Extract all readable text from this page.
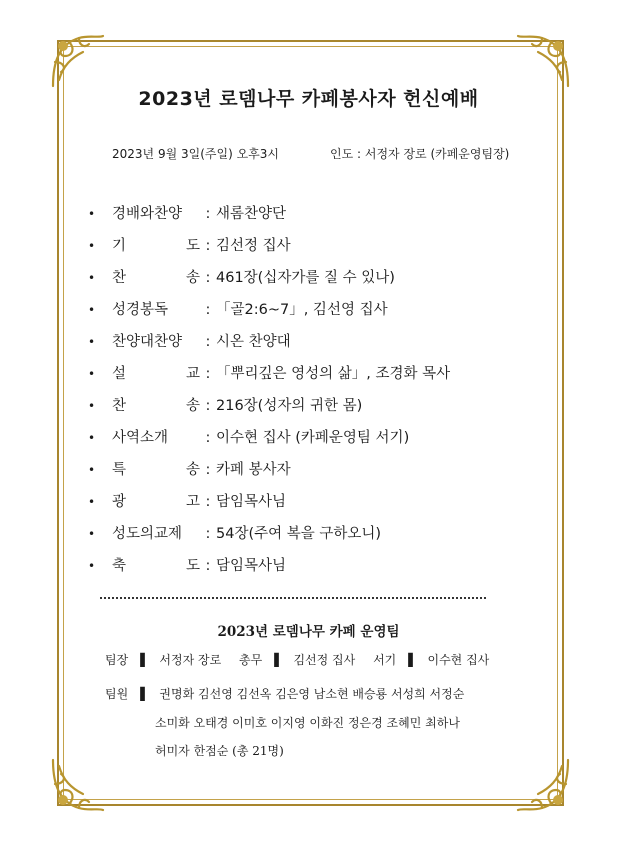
2023년 로뎀나무 카페봉사자 헌신예배
2023년 9월 3일(주일) 오후3시	인도 : 서정자 장로 (카페운영팀장)
•	경배와찬양	: 새롬찬양단
•	기	도 : 김선정 집사
•	찬	송 : 461장(십자가를 질 수 있나)
•	성경봉독	: 「골2:6~7」, 김선영 집사
•	찬양대찬양	: 시온 찬양대
•	설	교 : 「뿌리깊은 영성의 삶」, 조경화 목사
•	찬	송 : 216장(성자의 귀한 몸)
•	사역소개	: 이수현 집사 (카페운영팀 서기)
•	특	송 : 카페 봉사자
•	광	고 : 담임목사님
•	성도의교제	: 54장(주여 복을 구하오니)
•	축	도 : 담임목사님
2023년 로뎀나무 카페 운영팀
팀장 ▌ 서정자 장로 총무 ▌ 김선정 집사 서기 ▌ 이수현 집사
팀원 ▌ 권명화 김선영 김선옥 김은영 남소현 배승룡 서성희 서정순
소미화 오태경 이미호 이지영 이화진 정은경 조혜민 최하나
허미자 한점순 (총 21명)
